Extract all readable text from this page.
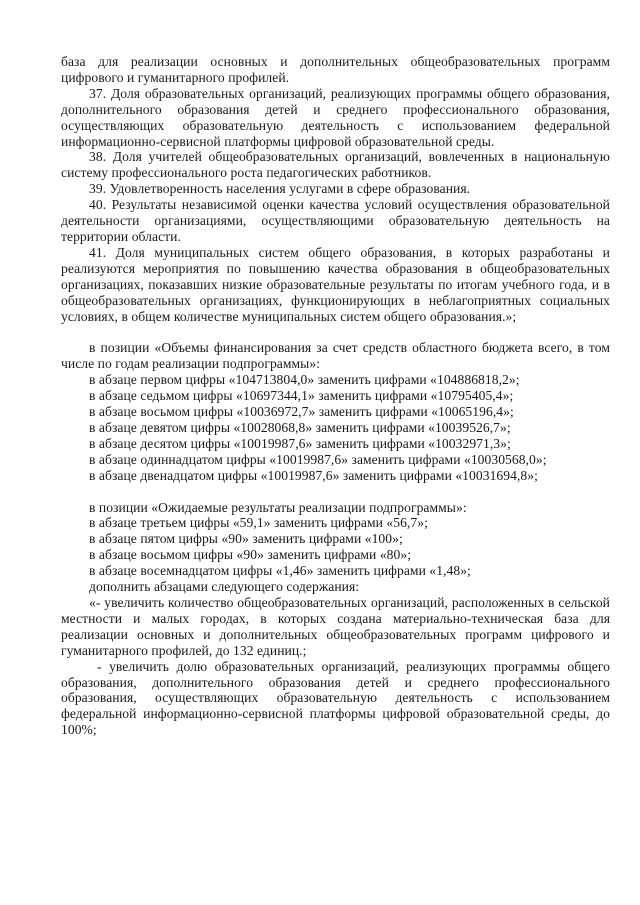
база для реализации основных и дополнительных общеобразовательных программ цифрового и гуманитарного профилей.

37. Доля образовательных организаций, реализующих программы общего образования, дополнительного образования детей и среднего профессионального образования, осуществляющих образовательную деятельность с использованием федеральной информационно-сервисной платформы цифровой образовательной среды.

38. Доля учителей общеобразовательных организаций, вовлеченных в национальную систему профессионального роста педагогических работников.

39. Удовлетворенность населения услугами в сфере образования.

40. Результаты независимой оценки качества условий осуществления образовательной деятельности организациями, осуществляющими образовательную деятельность на территории области.

41. Доля муниципальных систем общего образования, в которых разработаны и реализуются мероприятия по повышению качества образования в общеобразовательных организациях, показавших низкие образовательные результаты по итогам учебного года, и в общеобразовательных организациях, функционирующих в неблагоприятных социальных условиях, в общем количестве муниципальных систем общего образования.»;

в позиции «Объемы финансирования за счет средств областного бюджета всего, в том числе по годам реализации подпрограммы»:

в абзаце первом цифры «104713804,0» заменить цифрами «104886818,2»;

в абзаце седьмом цифры «10697344,1» заменить цифрами «10795405,4»;

в абзаце восьмом цифры «10036972,7» заменить цифрами «10065196,4»;

в абзаце девятом цифры «10028068,8» заменить цифрами «10039526,7»;

в абзаце десятом цифры «10019987,6» заменить цифрами «10032971,3»;

в абзаце одиннадцатом цифры «10019987,6» заменить цифрами «10030568,0»;

в абзаце двенадцатом цифры «10019987,6» заменить цифрами «10031694,8»;

в позиции «Ожидаемые результаты реализации подпрограммы»:

в абзаце третьем цифры «59,1» заменить цифрами «56,7»;

в абзаце пятом цифры «90» заменить цифрами «100»;

в абзаце восьмом цифры «90» заменить цифрами «80»;

в абзаце восемнадцатом цифры «1,46» заменить цифрами «1,48»;

дополнить абзацами следующего содержания:

«- увеличить количество общеобразовательных организаций, расположенных в сельской местности и малых городах, в которых создана материально-техническая база для реализации основных и дополнительных общеобразовательных программ цифрового и гуманитарного профилей, до 132 единиц.;

- увеличить долю образовательных организаций, реализующих программы общего образования, дополнительного образования детей и среднего профессионального образования, осуществляющих образовательную деятельность с использованием федеральной информационно-сервисной платформы цифровой образовательной среды, до 100%;
